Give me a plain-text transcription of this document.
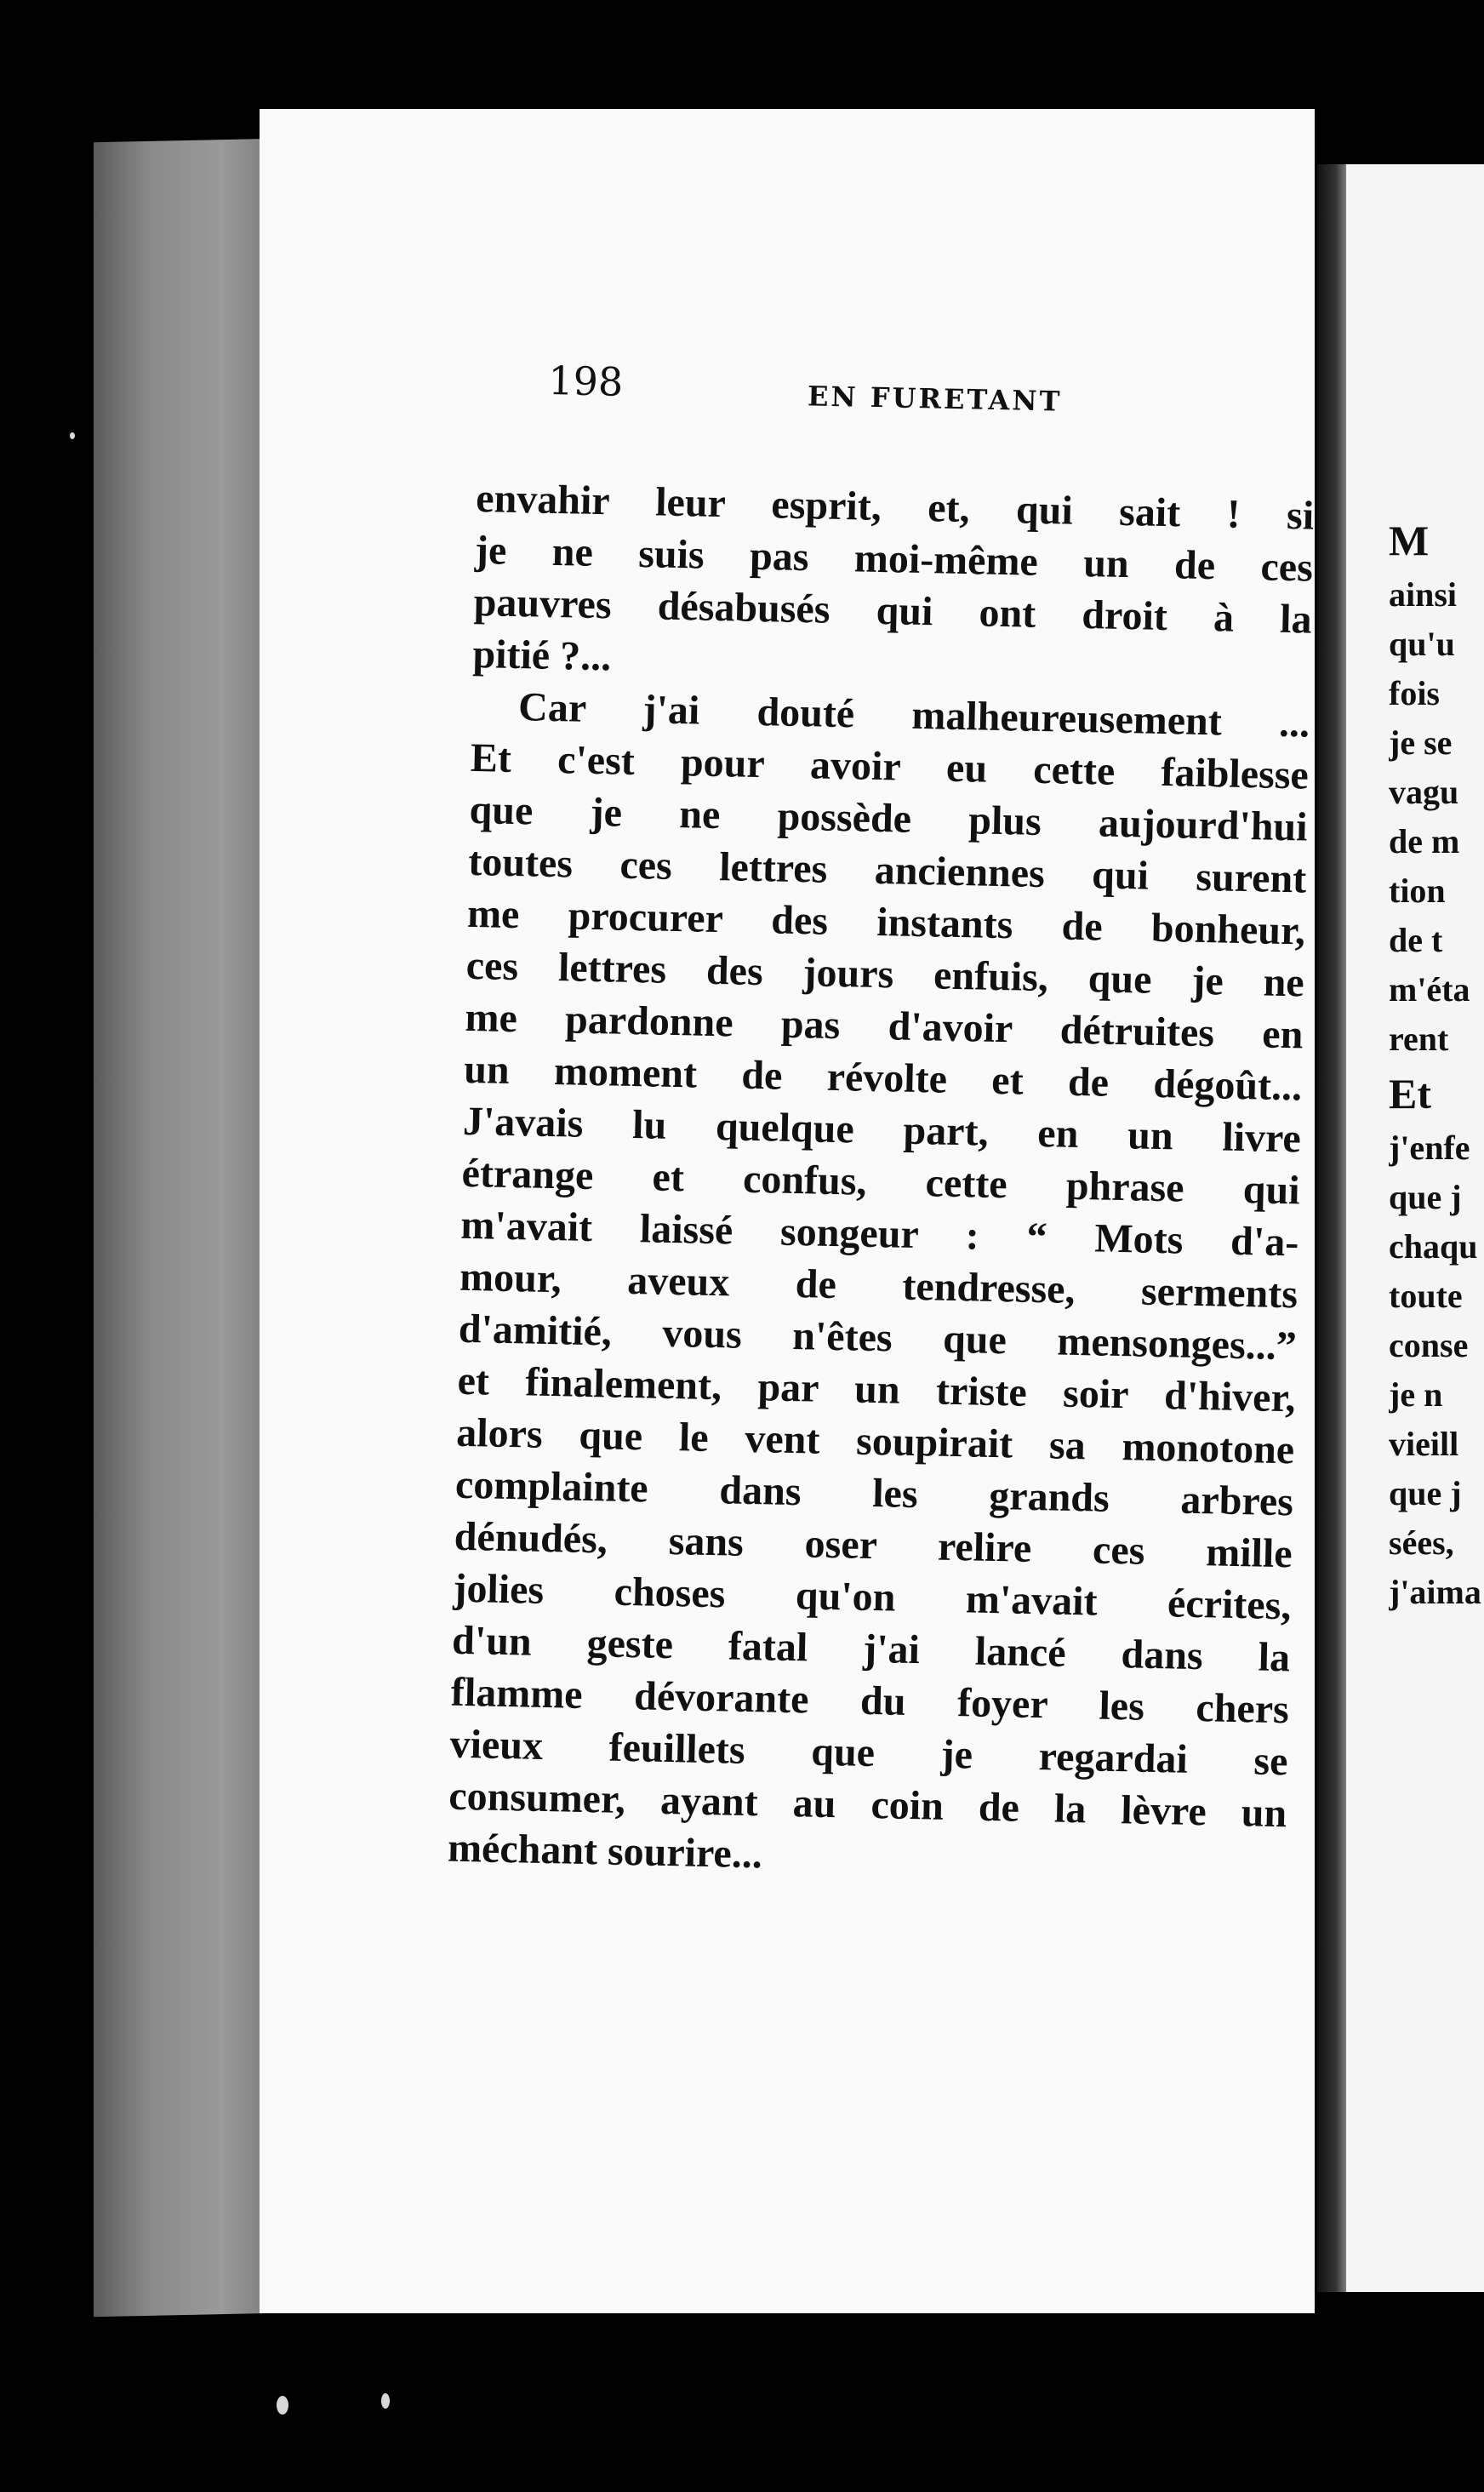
198	EN FURETANT
envahir leur esprit, et, qui sait ! si
je ne suis pas moi-même un de ces
pauvres désabusés qui ont droit à la
pitié ?...
Car j'ai douté malheureusement ...
Et c'est pour avoir eu cette faiblesse
que je ne possède plus aujourd'hui
toutes ces lettres anciennes qui surent
me procurer des instants de bonheur,
ces lettres des jours enfuis, que je ne
me pardonne pas d'avoir détruites en
un moment de révolte et de dégoût...
J'avais lu quelque part, en un livre
étrange et confus, cette phrase qui
m'avait laissé songeur : “ Mots d'a-
mour, aveux de tendresse, serments
d'amitié, vous n'êtes que mensonges...”
et finalement, par un triste soir d'hiver,
alors que le vent soupirait sa monotone
complainte dans les grands arbres
dénudés, sans oser relire ces mille
jolies choses qu'on m'avait écrites,
d'un geste fatal j'ai lancé dans la
flamme dévorante du foyer les chers
vieux feuillets que je regardai se
consumer, ayant au coin de la lèvre un
méchant sourire...
M
ainsi
qu'u
fois
je se
vagu
de m
tion
de t
m'éta
rent
Et
j'enfe
que j
chaqu
toute
conse
je n
vieill
que j
sées,
j'aima
